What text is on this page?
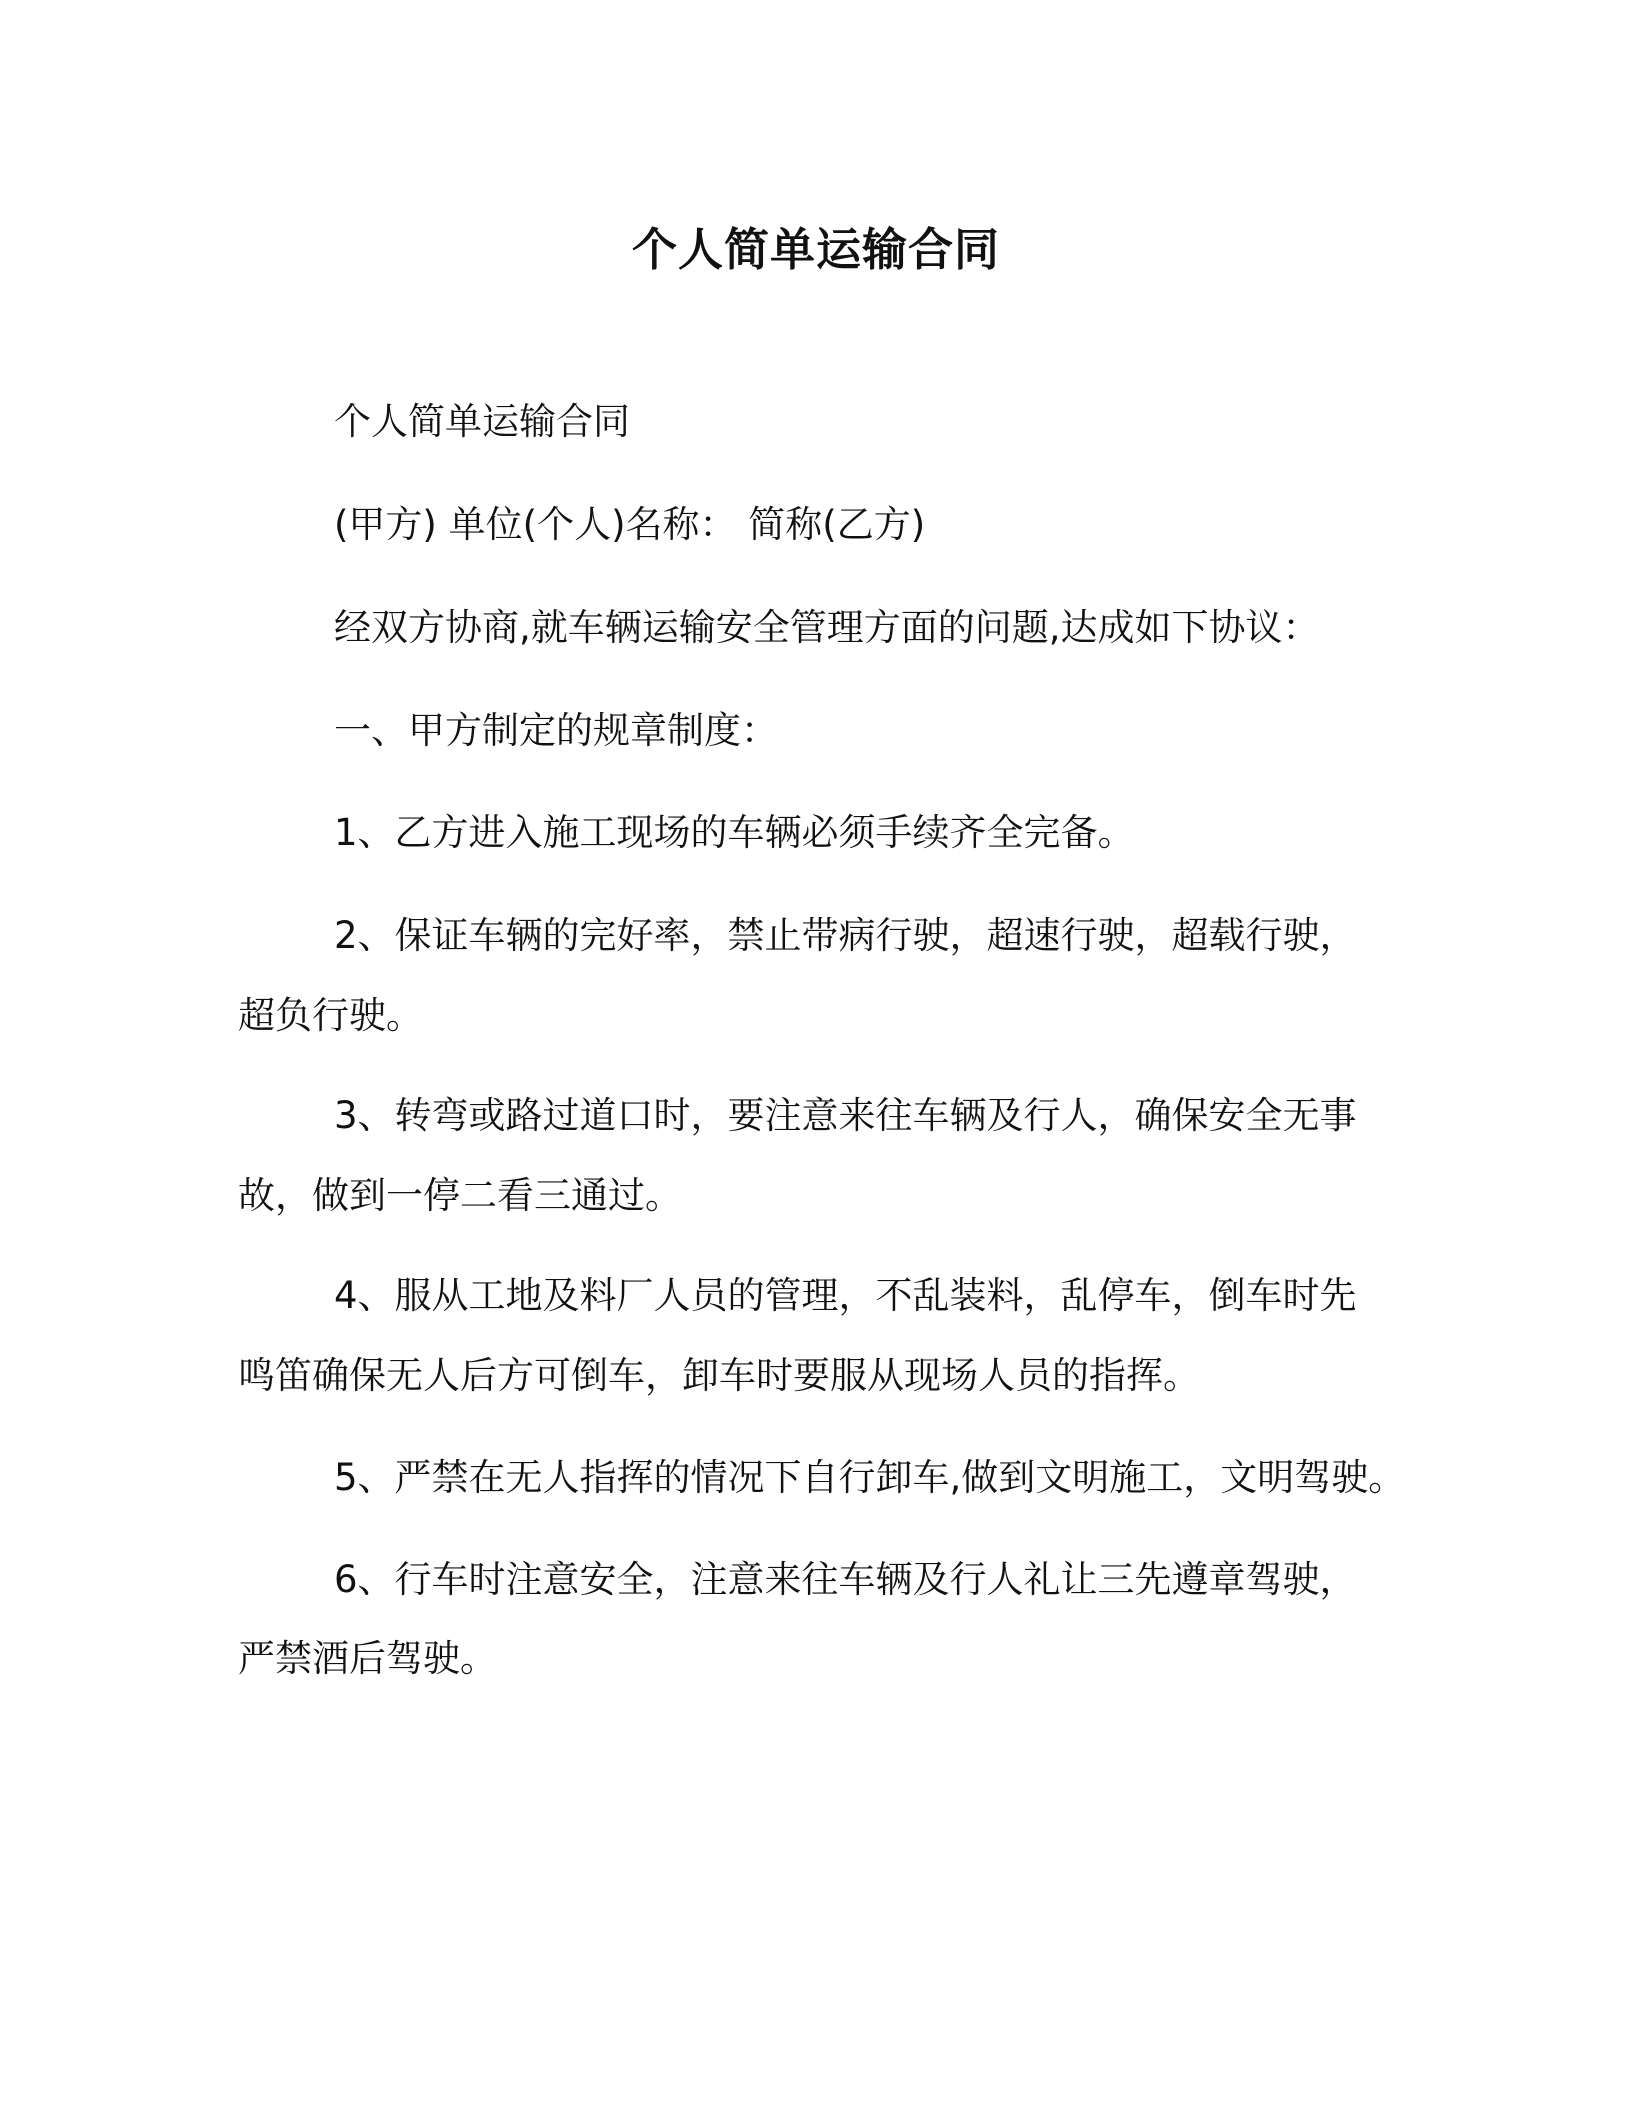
个人简单运输合同
个人简单运输合同
(甲方) 单位(个人)名称： 简称(乙方)
经双方协商,就车辆运输安全管理方面的问题,达成如下协议：
一、甲方制定的规章制度：
1、乙方进入施工现场的车辆必须手续齐全完备。
2、保证车辆的完好率，禁止带病行驶，超速行驶，超载行驶，
超负行驶。
3、转弯或路过道口时，要注意来往车辆及行人，确保安全无事
故，做到一停二看三通过。
4、服从工地及料厂人员的管理，不乱装料，乱停车，倒车时先
鸣笛确保无人后方可倒车，卸车时要服从现场人员的指挥。
5、严禁在无人指挥的情况下自行卸车,做到文明施工，文明驾驶。
6、行车时注意安全，注意来往车辆及行人礼让三先遵章驾驶，
严禁酒后驾驶。
